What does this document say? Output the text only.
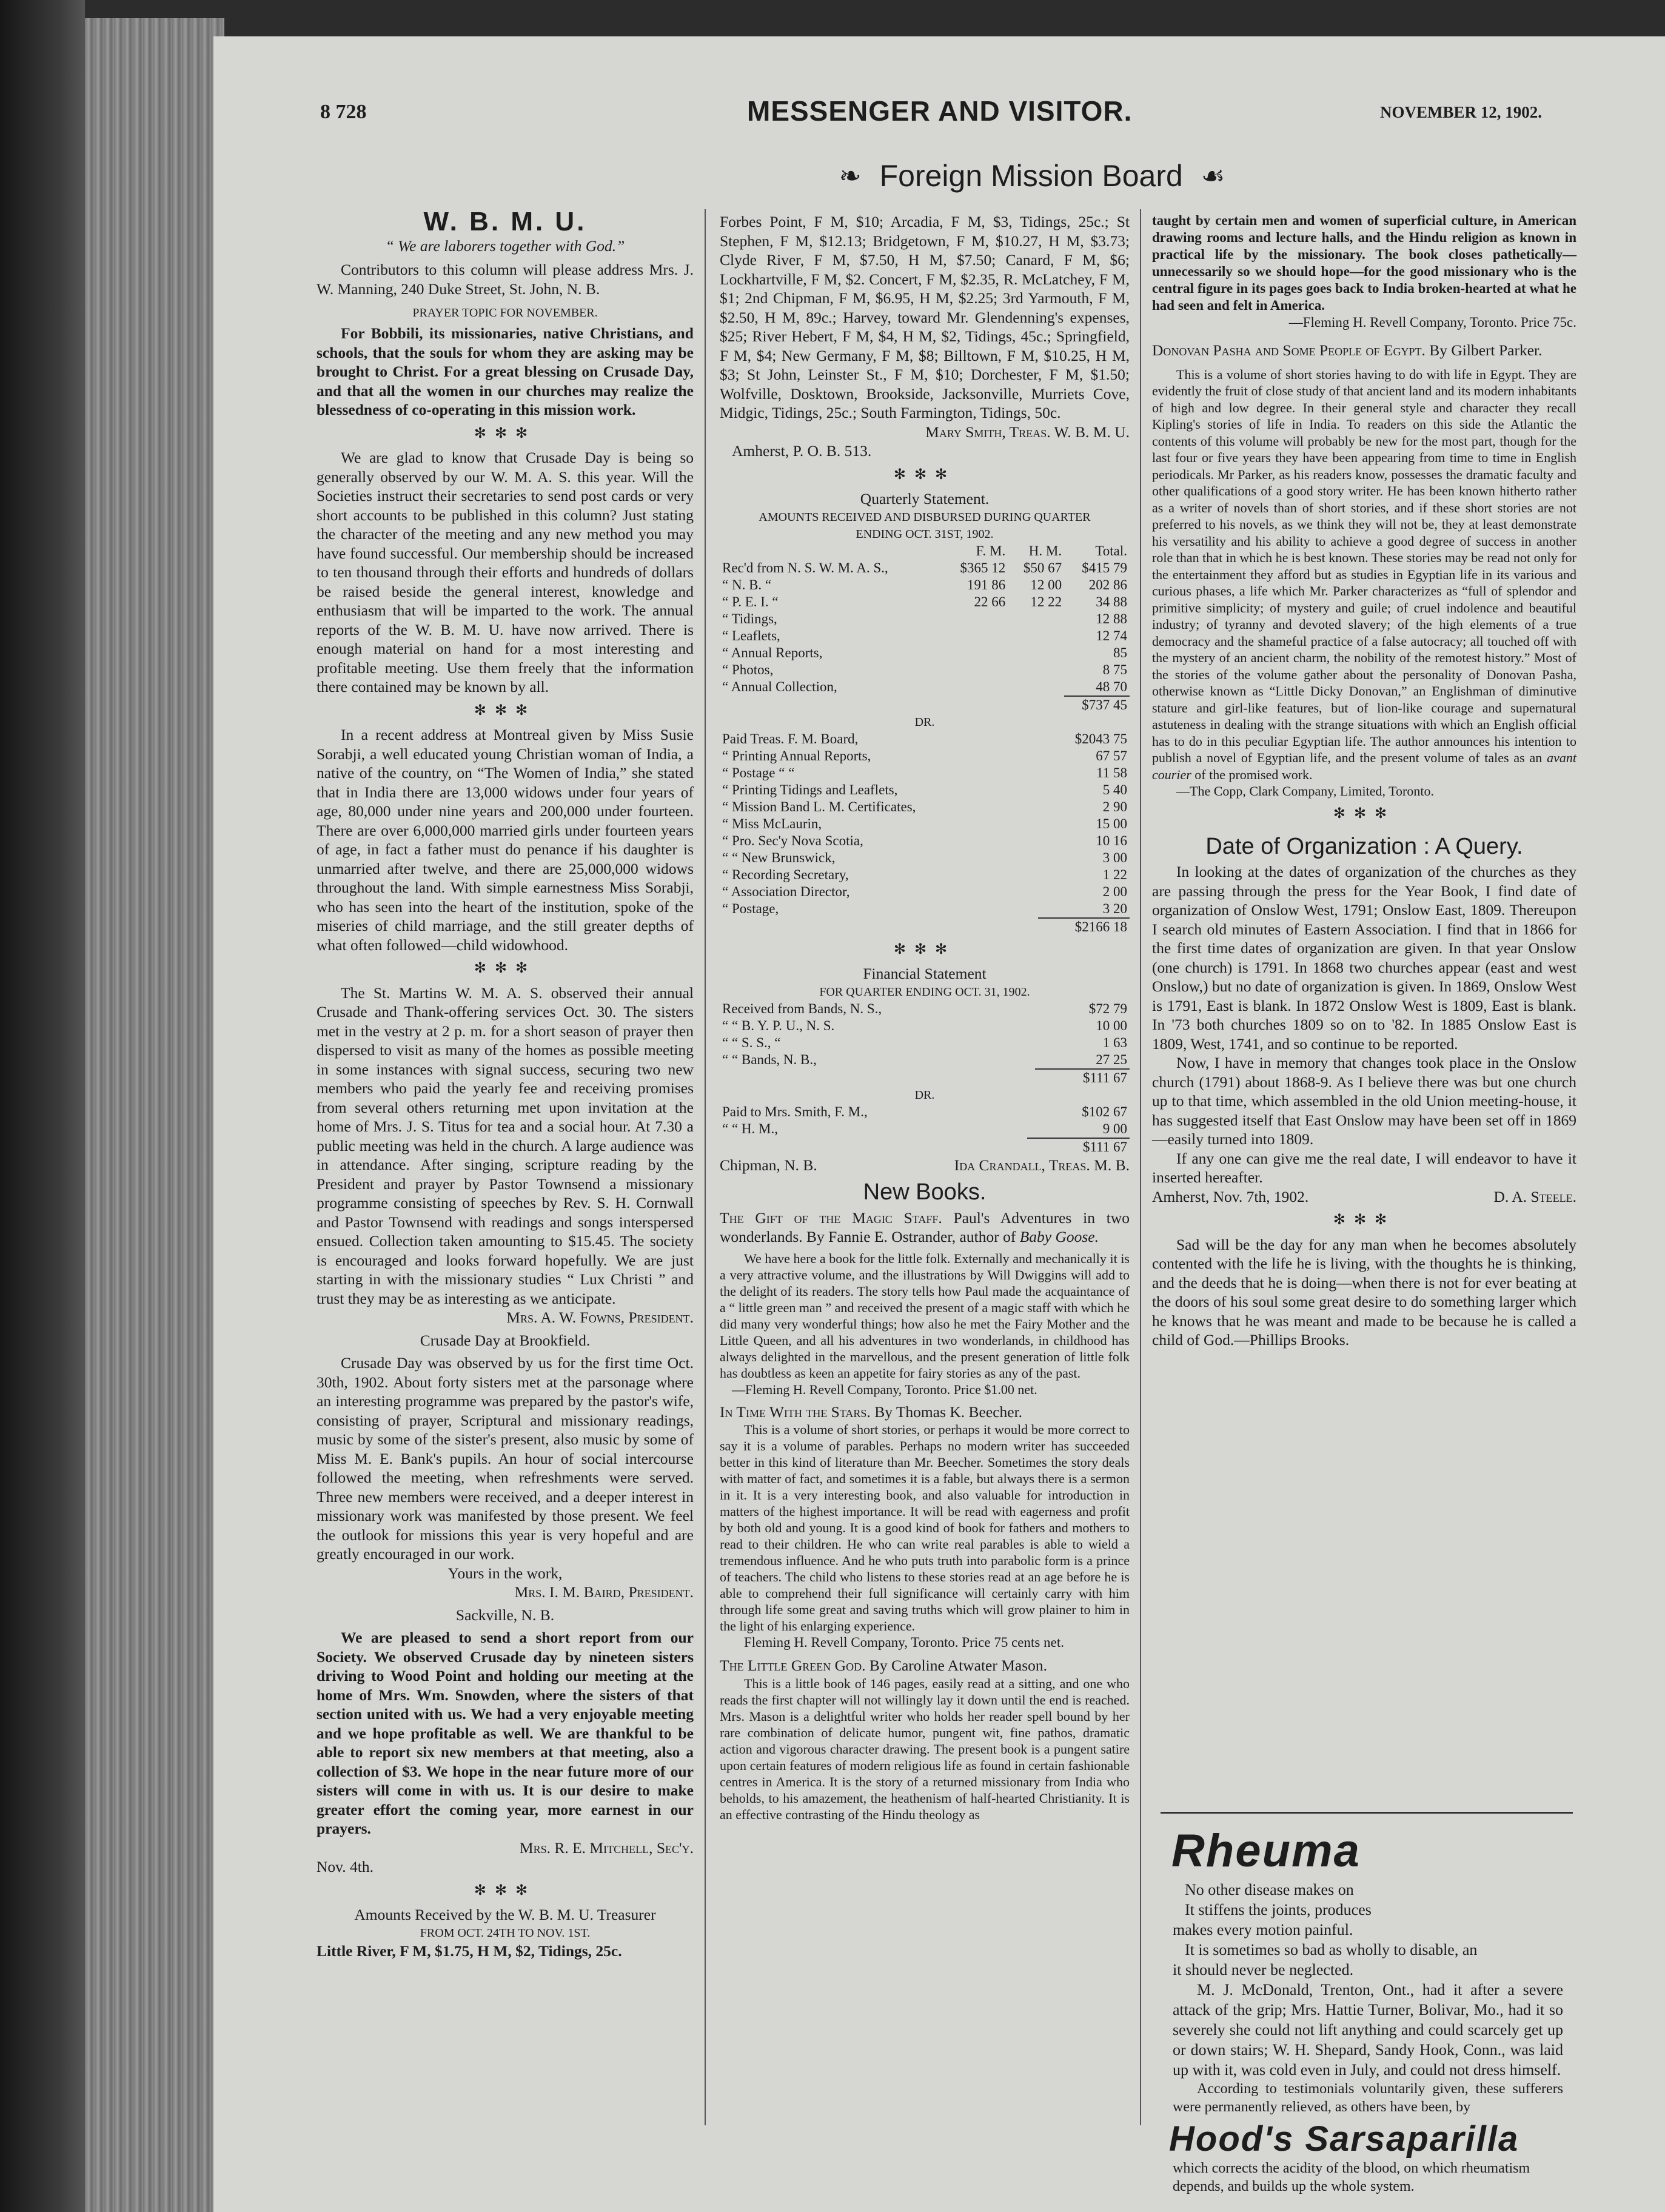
8 728	MESSENGER AND VISITOR.	NOVEMBER 12, 1902.
❧ Foreign Mission Board ☙
W. B. M. U.

“ We are laborers together with God.”

Contributors to this column will please address Mrs. J. W. Manning, 240 Duke Street, St. John, N. B.

PRAYER TOPIC FOR NOVEMBER.

For Bobbili, its missionaries, native Christians, and schools, that the souls for whom they are asking may be brought to Christ. For a great blessing on Crusade Day, and that all the women in our churches may realize the blessedness of co-operating in this mission work.

✻✻✻

We are glad to know that Crusade Day is being so generally observed by our W. M. A. S. this year. Will the Societies instruct their secretaries to send post cards or very short accounts to be published in this column? Just stating the character of the meeting and any new method you may have found successful. Our membership should be increased to ten thousand through their efforts and hundreds of dollars be raised beside the general interest, knowledge and enthusiasm that will be imparted to the work. The annual reports of the W. B. M. U. have now arrived. There is enough material on hand for a most interesting and profitable meeting. Use them freely that the information there contained may be known by all.

✻✻✻

In a recent address at Montreal given by Miss Susie Sorabji, a well educated young Christian woman of India, a native of the country, on “The Women of India,” she stated that in India there are 13,000 widows under four years of age, 80,000 under nine years and 200,000 under fourteen. There are over 6,000,000 married girls under fourteen years of age, in fact a father must do penance if his daughter is unmarried after twelve, and there are 25,000,000 widows throughout the land. With simple earnestness Miss Sorabji, who has seen into the heart of the institution, spoke of the miseries of child marriage, and the still greater depths of what often followed—child widowhood.

✻✻✻

The St. Martins W. M. A. S. observed their annual Crusade and Thank-offering services Oct. 30. The sisters met in the vestry at 2 p. m. for a short season of prayer then dispersed to visit as many of the homes as possible meeting in some instances with signal success, securing two new members who paid the yearly fee and receiving promises from several others returning met upon invitation at the home of Mrs. J. S. Titus for tea and a social hour. At 7.30 a public meeting was held in the church. A large audience was in attendance. After singing, scripture reading by the President and prayer by Pastor Townsend a missionary programme consisting of speeches by Rev. S. H. Cornwall and Pastor Townsend with readings and songs interspersed ensued. Collection taken amounting to $15.45. The society is encouraged and looks forward hopefully. We are just starting in with the missionary studies “ Lux Christi ” and trust they may be as interesting as we anticipate.

Mrs. A. W. Fowns, President.

Crusade Day at Brookfield.

Crusade Day was observed by us for the first time Oct. 30th, 1902. About forty sisters met at the parsonage where an interesting programme was prepared by the pastor's wife, consisting of prayer, Scriptural and missionary readings, music by some of the sister's present, also music by some of Miss M. E. Bank's pupils. An hour of social intercourse followed the meeting, when refreshments were served. Three new members were received, and a deeper interest in missionary work was manifested by those present. We feel the outlook for missions this year is very hopeful and are greatly encouraged in our work.

Yours in the work,

Mrs. I. M. Baird, President.

Sackville, N. B.

We are pleased to send a short report from our Society. We observed Crusade day by nineteen sisters driving to Wood Point and holding our meeting at the home of Mrs. Wm. Snowden, where the sisters of that section united with us. We had a very enjoyable meeting and we hope profitable as well. We are thankful to be able to report six new members at that meeting, also a collection of $3. We hope in the near future more of our sisters will come in with us. It is our desire to make greater effort the coming year, more earnest in our prayers.

Mrs. R. E. Mitchell, Sec'y.

Nov. 4th.

✻✻✻

Amounts Received by the W. B. M. U. Treasurer

FROM OCT. 24TH TO NOV. 1ST.

Little River, F M, $1.75, H M, $2, Tidings, 25c.

Forbes Point, F M, $10; Arcadia, F M, $3, Tidings, 25c.; St Stephen, F M, $12.13; Bridgetown, F M, $10.27, H M, $3.73; Clyde River, F M, $7.50, H M, $7.50; Canard, F M, $6; Lockhartville, F M, $2. Concert, F M, $2.35, R. McLatchey, F M, $1; 2nd Chipman, F M, $6.95, H M, $2.25; 3rd Yarmouth, F M, $2.50, H M, 89c.; Harvey, toward Mr. Glendenning's expenses, $25; River Hebert, F M, $4, H M, $2, Tidings, 45c.; Springfield, F M, $4; New Germany, F M, $8; Billtown, F M, $10.25, H M, $3; St John, Leinster St., F M, $10; Dorchester, F M, $1.50; Wolfville, Dosktown, Brookside, Jacksonville, Murriets Cove, Midgic, Tidings, 25c.; South Farmington, Tidings, 50c.

Mary Smith, Treas. W. B. M. U.

Amherst, P. O. B. 513.

✻✻✻

Quarterly Statement.

AMOUNTS RECEIVED AND DISBURSED DURING QUARTER

ENDING OCT. 31ST, 1902.

	F. M.	H. M.	Total.
Rec'd from N. S. W. M. A. S.,	$365 12	$50 67	$415 79
“ N. B. “	191 86	12 00	202 86
“ P. E. I. “	22 66	12 22	34 88
“ Tidings,			12 88
“ Leaflets,			12 74
“ Annual Reports,			85
“ Photos,			8 75
“ Annual Collection,			48 70
			$737 45

DR.

Paid Treas. F. M. Board,	$2043 75
“ Printing Annual Reports,	67 57
“ Postage “ “	11 58
“ Printing Tidings and Leaflets,	5 40
“ Mission Band L. M. Certificates,	2 90
“ Miss McLaurin,	15 00
“ Pro. Sec'y Nova Scotia,	10 16
“ “ New Brunswick,	3 00
“ Recording Secretary,	1 22
“ Association Director,	2 00
“ Postage,	3 20
	$2166 18
✻✻✻

Financial Statement

FOR QUARTER ENDING OCT. 31, 1902.

Received from Bands, N. S.,	$72 79
“ “ B. Y. P. U., N. S.	10 00
“ “ S. S., “	1 63
“ “ Bands, N. B.,	27 25
	$111 67

DR.

Paid to Mrs. Smith, F. M.,	$102 67
“ “ H. M.,	9 00
	$111 67

Chipman, N. B.	Ida Crandall, Treas. M. B.

New Books.

The Gift of the Magic Staff. Paul's Adventures in two wonderlands. By Fannie E. Ostrander, author of Baby Goose.

We have here a book for the little folk. Externally and mechanically it is a very attractive volume, and the illustrations by Will Dwiggins will add to the delight of its readers. The story tells how Paul made the acquaintance of a “ little green man ” and received the present of a magic staff with which he did many very wonderful things; how also he met the Fairy Mother and the Little Queen, and all his adventures in two wonderlands, in childhood has always delighted in the marvellous, and the present generation of little folk has doubtless as keen an appetite for fairy stories as any of the past.

—Fleming H. Revell Company, Toronto. Price $1.00 net.

In Time With the Stars. By Thomas K. Beecher.

This is a volume of short stories, or perhaps it would be more correct to say it is a volume of parables. Perhaps no modern writer has succeeded better in this kind of literature than Mr. Beecher. Sometimes the story deals with matter of fact, and sometimes it is a fable, but always there is a sermon in it. It is a very interesting book, and also valuable for introduction in matters of the highest importance. It will be read with eagerness and profit by both old and young. It is a good kind of book for fathers and mothers to read to their children. He who can write real parables is able to wield a tremendous influence. And he who puts truth into parabolic form is a prince of teachers. The child who listens to these stories read at an age before he is able to comprehend their full significance will certainly carry with him through life some great and saving truths which will grow plainer to him in the light of his enlarging experience.

Fleming H. Revell Company, Toronto. Price 75 cents net.

The Little Green God. By Caroline Atwater Mason.

This is a little book of 146 pages, easily read at a sitting, and one who reads the first chapter will not willingly lay it down until the end is reached. Mrs. Mason is a delightful writer who holds her reader spell bound by her rare combination of delicate humor, pungent wit, fine pathos, dramatic action and vigorous character drawing. The present book is a pungent satire upon certain features of modern religious life as found in certain fashionable centres in America. It is the story of a returned missionary from India who beholds, to his amazement, the heathenism of half-hearted Christianity. It is an effective contrasting of the Hindu theology as

taught by certain men and women of superficial culture, in American drawing rooms and lecture halls, and the Hindu religion as known in practical life by the missionary. The book closes pathetically—unnecessarily so we should hope—for the good missionary who is the central figure in its pages goes back to India broken-hearted at what he had seen and felt in America.

—Fleming H. Revell Company, Toronto. Price 75c.

Donovan Pasha and Some People of Egypt. By Gilbert Parker.

This is a volume of short stories having to do with life in Egypt. They are evidently the fruit of close study of that ancient land and its modern inhabitants of high and low degree. In their general style and character they recall Kipling's stories of life in India. To readers on this side the Atlantic the contents of this volume will probably be new for the most part, though for the last four or five years they have been appearing from time to time in English periodicals. Mr Parker, as his readers know, possesses the dramatic faculty and other qualifications of a good story writer. He has been known hitherto rather as a writer of novels than of short stories, and if these short stories are not preferred to his novels, as we think they will not be, they at least demonstrate his versatility and his ability to achieve a good degree of success in another role than that in which he is best known. These stories may be read not only for the entertainment they afford but as studies in Egyptian life in its various and curious phases, a life which Mr. Parker characterizes as “full of splendor and primitive simplicity; of mystery and guile; of cruel indolence and beautiful industry; of tyranny and devoted slavery; of the high elements of a true democracy and the shameful practice of a false autocracy; all touched off with the mystery of an ancient charm, the nobility of the remotest history.” Most of the stories of the volume gather about the personality of Donovan Pasha, otherwise known as “Little Dicky Donovan,” an Englishman of diminutive stature and girl-like features, but of lion-like courage and supernatural astuteness in dealing with the strange situations with which an English official has to do in this peculiar Egyptian life. The author announces his intention to publish a novel of Egyptian life, and the present volume of tales as an avant courier of the promised work.

—The Copp, Clark Company, Limited, Toronto.

✻✻✻
Date of Organization : A Query.

In looking at the dates of organization of the churches as they are passing through the press for the Year Book, I find date of organization of Onslow West, 1791; Onslow East, 1809. Thereupon I search old minutes of Eastern Association. I find that in 1866 for the first time dates of organization are given. In that year Onslow (one church) is 1791. In 1868 two churches appear (east and west Onslow,) but no date of organization is given. In 1869, Onslow West is 1791, East is blank. In 1872 Onslow West is 1809, East is blank. In '73 both churches 1809 so on to '82. In 1885 Onslow East is 1809, West, 1741, and so continue to be reported.

Now, I have in memory that changes took place in the Onslow church (1791) about 1868-9. As I believe there was but one church up to that time, which assembled in the old Union meeting-house, it has suggested itself that East Onslow may have been set off in 1869—easily turned into 1809.

If any one can give me the real date, I will endeavor to have it inserted hereafter.

Amherst, Nov. 7th, 1902.	D. A. Steele.

✻✻✻

Sad will be the day for any man when he becomes absolutely contented with the life he is living, with the thoughts he is thinking, and the deeds that he is doing—when there is not for ever beating at the doors of his soul some great desire to do something larger which he knows that he was meant and made to be because he is called a child of God.—Phillips Brooks.

Rheuma
No other disease makes on
It stiffens the joints, produces
makes every motion painful.
It is sometimes so bad as wholly to disable, an
it should never be neglected.
M. J. McDonald, Trenton, Ont., had it after a severe attack of the grip; Mrs. Hattie Turner, Bolivar, Mo., had it so severely she could not lift anything and could scarcely get up or down stairs; W. H. Shepard, Sandy Hook, Conn., was laid up with it, was cold even in July, and could not dress himself.
According to testimonials voluntarily given, these sufferers were permanently relieved, as others have been, by
Hood's Sarsaparilla
which corrects the acidity of the blood, on which rheumatism depends, and builds up the whole system.
